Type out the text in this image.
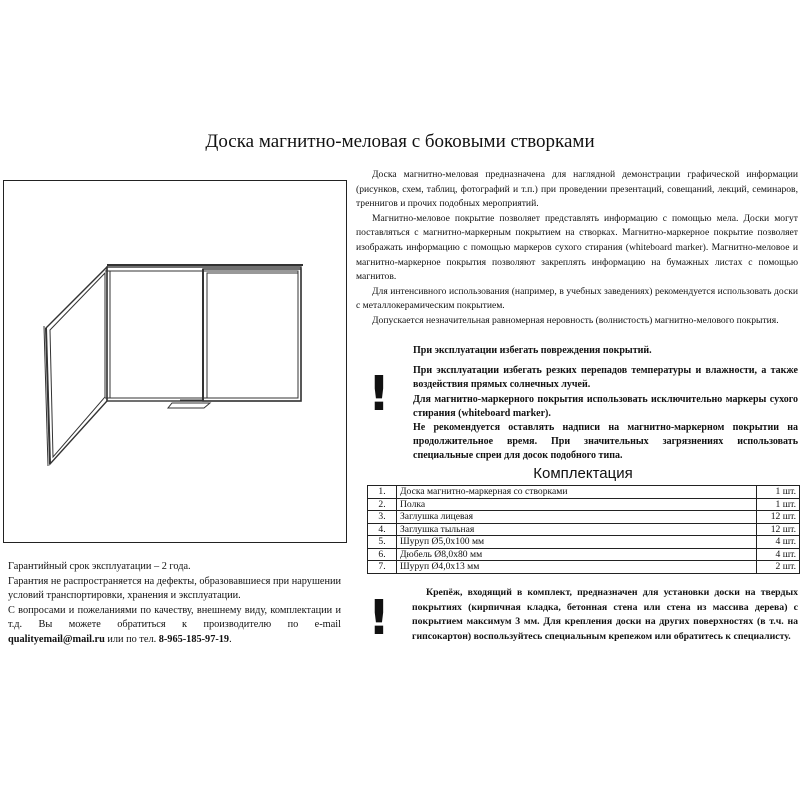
Доска магнитно-меловая с боковыми створками

Доска магнитно-меловая предназначена для наглядной демонстрации графической информации (рисунков, схем, таблиц, фотографий и т.п.) при проведении презентаций, совещаний, лекций, семинаров, треннигов и прочих подобных мероприятий.

Магнитно-меловое покрытие позволяет представлять информацию с помощью мела. Доски могут поставляться с магнитно-маркерным покрытием на створках. Магнитно-маркерное покрытие позволяет изображать информацию с помощью маркеров сухого стирания (whiteboard marker). Магнитно-меловое и магнитно-маркерное покрытия позволяют закреплять информацию на бумажных листах с помощью магнитов.

Для интенсивного использования (например, в учебных заведениях) рекомендуется использовать доски с металлокерамическим покрытием.

Допускается незначительная равномерная неровность (волнистость) магнитно-мелового покрытия.

!

При эксплуатации избегать повреждения покрытий.

При эксплуатации избегать резких перепадов температуры и влажности, а также воздействия прямых солнечных лучей.

Для магнитно-маркерного покрытия использовать исключительно маркеры сухого стирания (whiteboard marker).

Не рекомендуется оставлять надписи на магнитно-маркерном покрытии на продолжительное время. При значительных загрязнениях использовать специальные спреи для досок подобного типа.

Комплектация
1.	Доска магнитно-маркерная со створками	1 шт.
2.	Полка	1 шт.
3.	Заглушка лицевая	12 шт.
4.	Заглушка тыльная	12 шт.
5.	Шуруп Ø5,0х100 мм	4 шт.
6.	Дюбель Ø8,0х80 мм	4 шт.
7.	Шуруп Ø4,0х13 мм	2 шт.

Гарантийный срок эксплуатации – 2 года.

Гарантия не распространяется на дефекты, образовавшиеся при нарушении условий транспортировки, хранения и эксплуатации.

С вопросами и пожеланиями по качеству, внешнему виду, комплектации и т.д. Вы можете обратиться к производителю по e-mail qualityemail@mail.ru или по тел. 8-965-185-97-19.	!	Крепёж, входящий в комплект, предназначен для установки доски на твердых покрытиях (кирпичная кладка, бетонная стена или стена из массива дерева) с покрытием максимум 3 мм. Для крепления доски на других поверхностях (в т.ч. на гипсокартон) воспользуйтесь специальным крепежом или обратитесь к специалисту.
